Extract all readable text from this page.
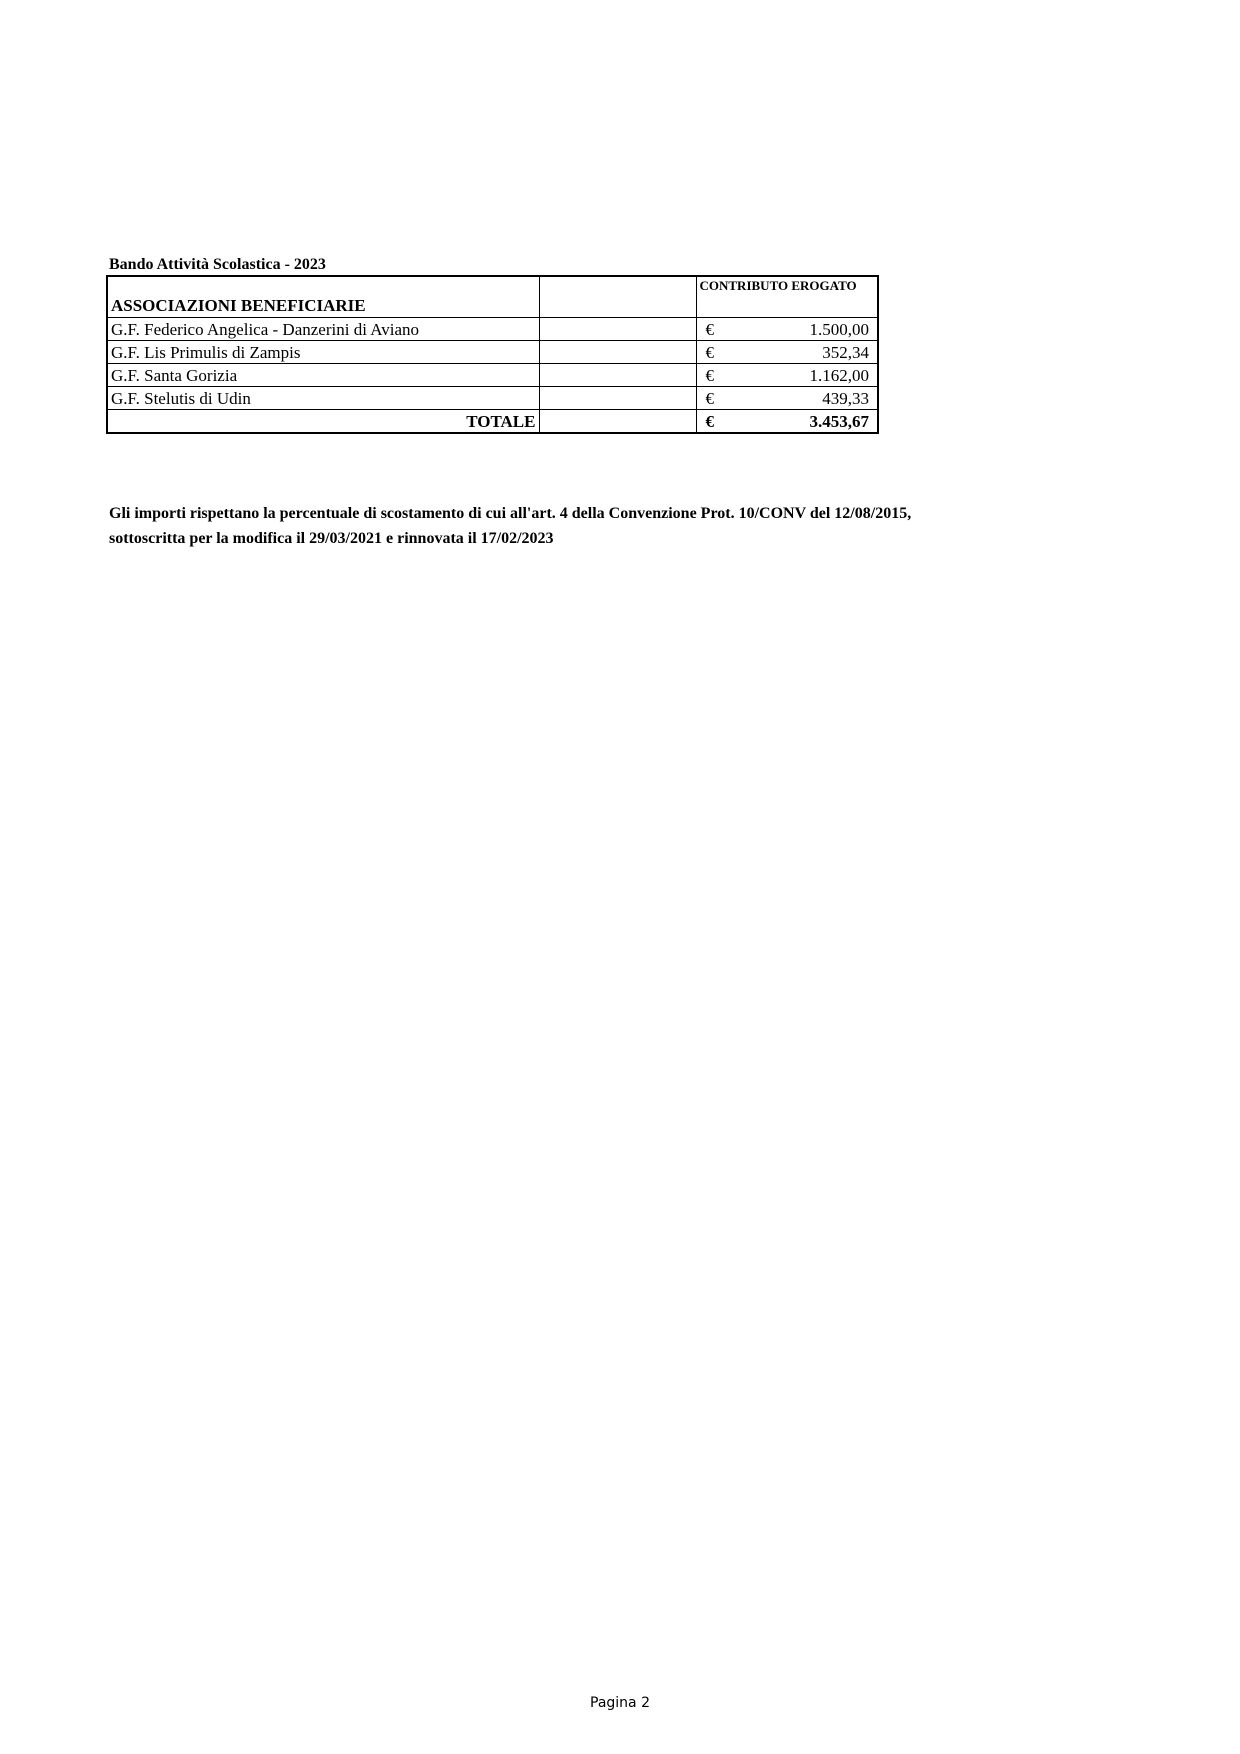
Bando Attività Scolastica - 2023
ASSOCIAZIONI BENEFICIARIE		CONTRIBUTO EROGATO
G.F. Federico Angelica - Danzerini di Aviano		€ 1.500,00

G.F. Lis Primulis di Zampis		€ 352,34

G.F. Santa Gorizia		€ 1.162,00

G.F. Stelutis di Udin		€ 439,33

TOTALE		€ 3.453,67
Gli importi rispettano la percentuale di scostamento di cui all'art. 4 della Convenzione Prot. 10/CONV del 12/08/2015,
sottoscritta per la modifica il 29/03/2021 e rinnovata il 17/02/2023
Pagina 2
